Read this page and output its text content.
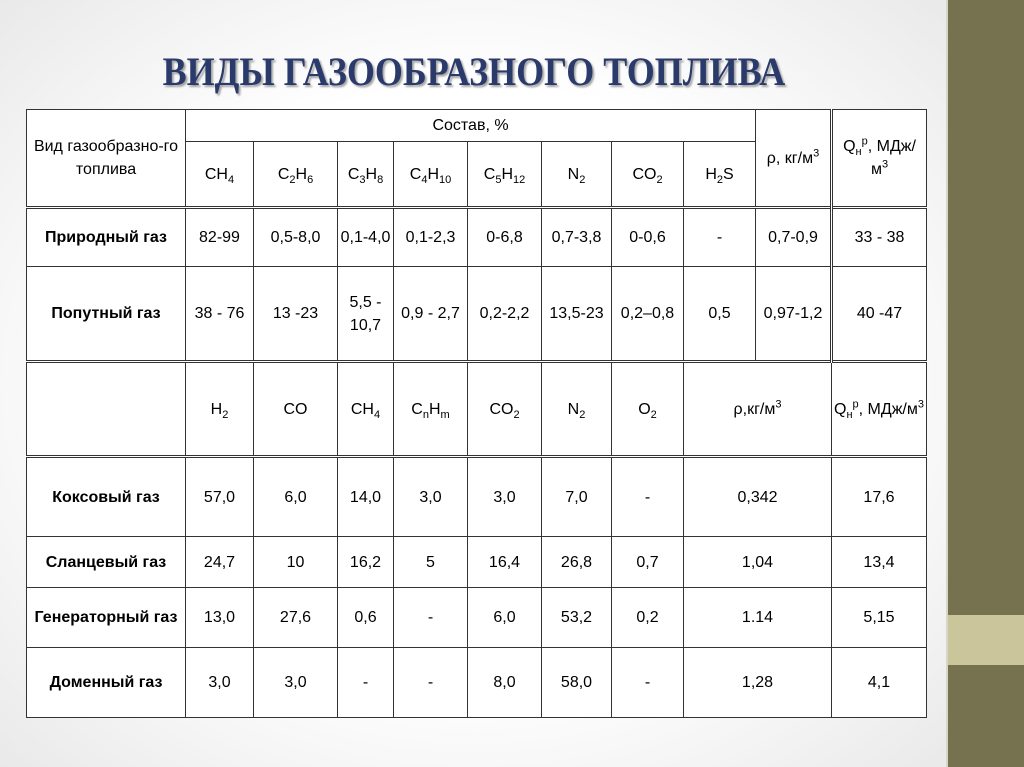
ВИДЫ ГАЗООБРАЗНОГО ТОПЛИВА
Вид газообразно-го топлива	Состав, %								ρ, $кг/м^3$	$Q_н^р$, МДж/$м^3$
	$CH_4$	$C_2H_6$	$C_3H_8$	$C_4H_{10}$	$C_5H_{12}$	$N_2$	$CO_2$	$H_2S$		
Природный газ	82-99	0,5-8,0	0,1-4,0	0,1-2,3	0-6,8	0,7-3,8	0-0,6	-	0,7-0,9	33 - 38
Попутный газ	38 - 76	13 -23	5,5 - 10,7	0,9 - 2,7	0,2-2,2	13,5-23	0,2–0,8	0,5	0,97-1,2	40 -47
	$H_2$	CO	$CH_4$	$C_nH_m$	$CO_2$	$N_2$	$O_2$	$\rho,кг/м^3$		$Q_н^р$, МДж/$м^3$
Коксовый газ	57,0	6,0	14,0	3,0	3,0	7,0	-	0,342		17,6
Сланцевый газ	24,7	10	16,2	5	16,4	26,8	0,7	1,04		13,4
Генераторный газ	13,0	27,6	0,6	-	6,0	53,2	0,2	1.14		5,15
Доменный газ	3,0	3,0	-	-	8,0	58,0	-	1,28		4,1
